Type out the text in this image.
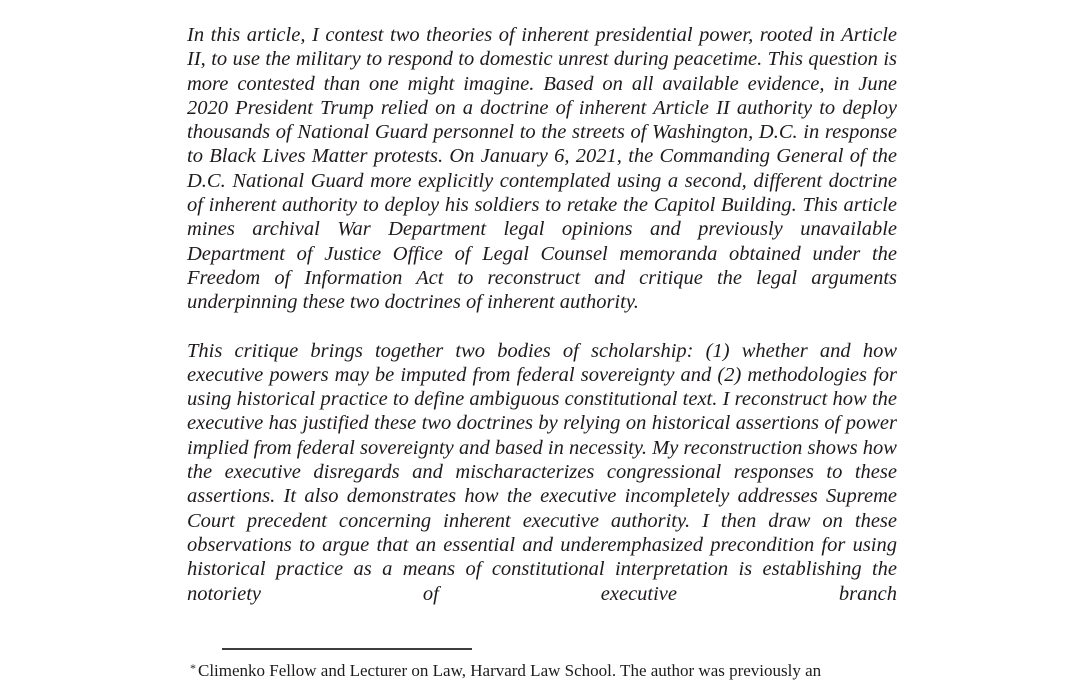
In this article, I contest two theories of inherent presidential power, rooted in Article II, to use the military to respond to domestic unrest during peacetime. This question is more contested than one might imagine. Based on all available evidence, in June 2020 President Trump relied on a doctrine of inherent Article II authority to deploy thousands of National Guard personnel to the streets of Washington, D.C. in response to Black Lives Matter protests. On January 6, 2021, the Commanding General of the D.C. National Guard more explicitly contemplated using a second, different doctrine of inherent authority to deploy his soldiers to retake the Capitol Building. This article mines archival War Department legal opinions and previously unavailable Department of Justice Office of Legal Counsel memoranda obtained under the Freedom of Information Act to reconstruct and critique the legal arguments underpinning these two doctrines of inherent authority.

This critique brings together two bodies of scholarship: (1) whether and how executive powers may be imputed from federal sovereignty and (2) methodologies for using historical practice to define ambiguous constitutional text. I reconstruct how the executive has justified these two doctrines by relying on historical assertions of power implied from federal sovereignty and based in necessity. My reconstruction shows how the executive disregards and mischaracterizes congressional responses to these assertions. It also demonstrates how the executive incompletely addresses Supreme Court precedent concerning inherent executive authority. I then draw on these observations to argue that an essential and underemphasized precondition for using historical practice as a means of constitutional interpretation is establishing the notoriety of executive branch

* Climenko Fellow and Lecturer on Law, Harvard Law School. The author was previously an
